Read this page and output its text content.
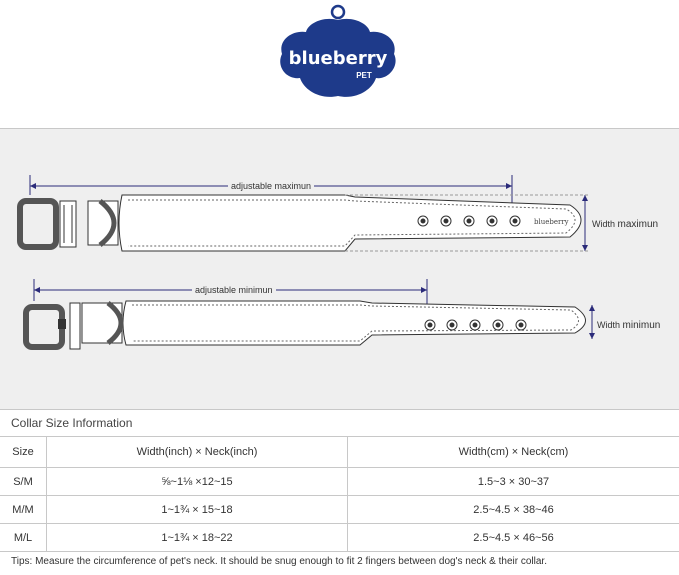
blueberry
PET
blueberry
adjustable maximun
adjustable minimun
Width maximun
Width minimun
Collar Size Information
Size	Width(inch) × Neck(inch)	Width(cm) × Neck(cm)
S/M	⅝~1⅛ ×12~15	1.5~3 × 30~37
M/M	1~1¾ × 15~18	2.5~4.5 × 38~46
M/L	1~1¾ × 18~22	2.5~4.5 × 46~56
Tips: Measure the circumference of pet's neck. It should be snug enough to fit 2 fingers between dog's neck & their collar.
